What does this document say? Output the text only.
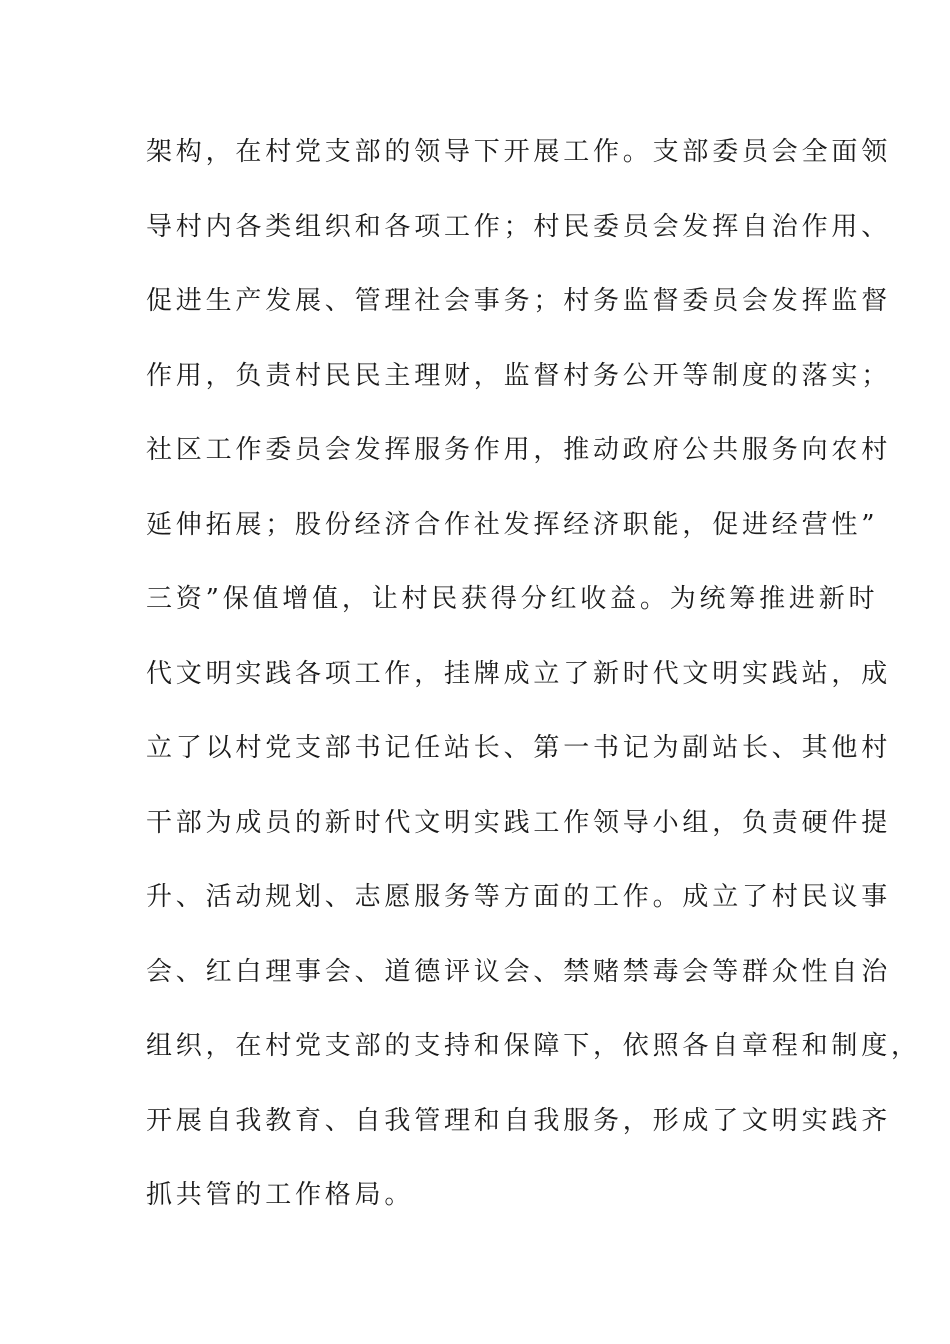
架构，在村党支部的领导下开展工作。支部委员会全面领
导村内各类组织和各项工作；村民委员会发挥自治作用、
促进生产发展、管理社会事务；村务监督委员会发挥监督
作用，负责村民民主理财，监督村务公开等制度的落实；
社区工作委员会发挥服务作用，推动政府公共服务向农村
延伸拓展；股份经济合作社发挥经济职能，促进经营性”
三资”保值增值，让村民获得分红收益。为统筹推进新时
代文明实践各项工作，挂牌成立了新时代文明实践站，成
立了以村党支部书记任站长、第一书记为副站长、其他村
干部为成员的新时代文明实践工作领导小组，负责硬件提
升、活动规划、志愿服务等方面的工作。成立了村民议事
会、红白理事会、道德评议会、禁赌禁毒会等群众性自治
组织，在村党支部的支持和保障下，依照各自章程和制度，
开展自我教育、自我管理和自我服务，形成了文明实践齐
抓共管的工作格局。
